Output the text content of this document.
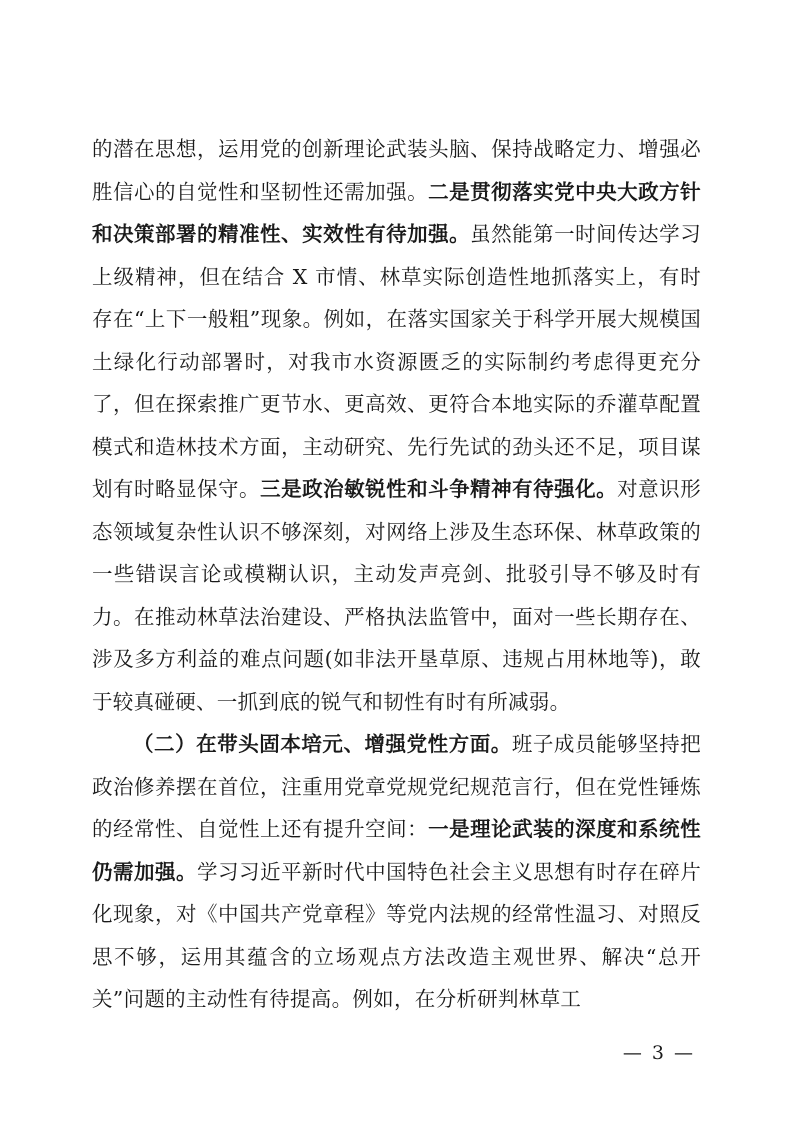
的潜在思想，运用党的创新理论武装头脑、保持战略定力、增强必胜信心的自觉性和坚韧性还需加强。二是贯彻落实党中央大政方针和决策部署的精准性、实效性有待加强。虽然能第一时间传达学习上级精神，但在结合 X 市情、林草实际创造性地抓落实上，有时存在“上下一般粗”现象。例如，在落实国家关于科学开展大规模国土绿化行动部署时，对我市水资源匮乏的实际制约考虑得更充分了，但在探索推广更节水、更高效、更符合本地实际的乔灌草配置模式和造林技术方面，主动研究、先行先试的劲头还不足，项目谋划有时略显保守。三是政治敏锐性和斗争精神有待强化。对意识形态领域复杂性认识不够深刻，对网络上涉及生态环保、林草政策的一些错误言论或模糊认识，主动发声亮剑、批驳引导不够及时有力。在推动林草法治建设、严格执法监管中，面对一些长期存在、涉及多方利益的难点问题(如非法开垦草原、违规占用林地等)，敢于较真碰硬、一抓到底的锐气和韧性有时有所减弱。

（二）在带头固本培元、增强党性方面。班子成员能够坚持把政治修养摆在首位，注重用党章党规党纪规范言行，但在党性锤炼的经常性、自觉性上还有提升空间：一是理论武装的深度和系统性仍需加强。学习习近平新时代中国特色社会主义思想有时存在碎片化现象，对《中国共产党章程》等党内法规的经常性温习、对照反思不够，运用其蕴含的立场观点方法改造主观世界、解决“总开关”问题的主动性有待提高。例如，在分析研判林草工

— 3 —
